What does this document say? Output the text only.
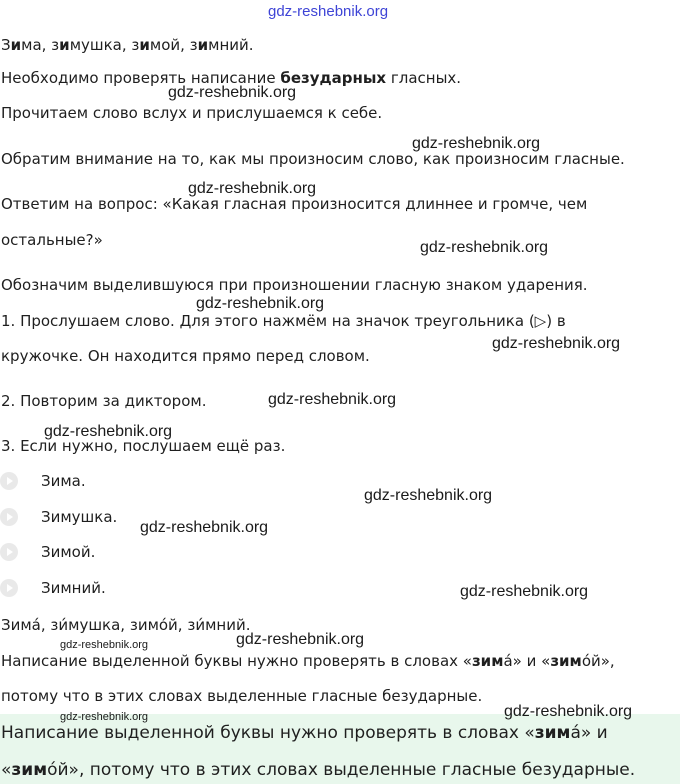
gdz-reshebnik.org
Зима, зимушка, зимой, зимний.
Необходимо проверять написание безударных гласных.
gdz-reshebnik.org
Прочитаем слово вслух и прислушаемся к себе.
gdz-reshebnik.org
Обратим внимание на то, как мы произносим слово, как произносим гласные.
gdz-reshebnik.org
Ответим на вопрос: «Какая гласная произносится длиннее и громче, чем
остальные?»	gdz-reshebnik.org
Обозначим выделившуюся при произношении гласную знаком ударения.
gdz-reshebnik.org
1. Прослушаем слово. Для этого нажмём на значок треугольника (▷) в
gdz-reshebnik.org
кружочке. Он находится прямо перед словом.
2. Повторим за диктором.	gdz-reshebnik.org
gdz-reshebnik.org
3. Если нужно, послушаем ещё раз.
Зима.
gdz-reshebnik.org
Зимушка.
gdz-reshebnik.org
Зимой.
Зимний.	gdz-reshebnik.org
Зимá, зи́мушка, зимóй, зи́мний.
gdz-reshebnik.org
gdz-reshebnik.org
Написание выделенной буквы нужно проверять в словах «зимá» и «зимóй»,
потому что в этих словах выделенные гласные безударные.
Написание выделенной буквы нужно проверять в словах «зимá» и
«зимóй», потому что в этих словах выделенные гласные безударные.
gdz-reshebnik.org	gdz-reshebnik.org
